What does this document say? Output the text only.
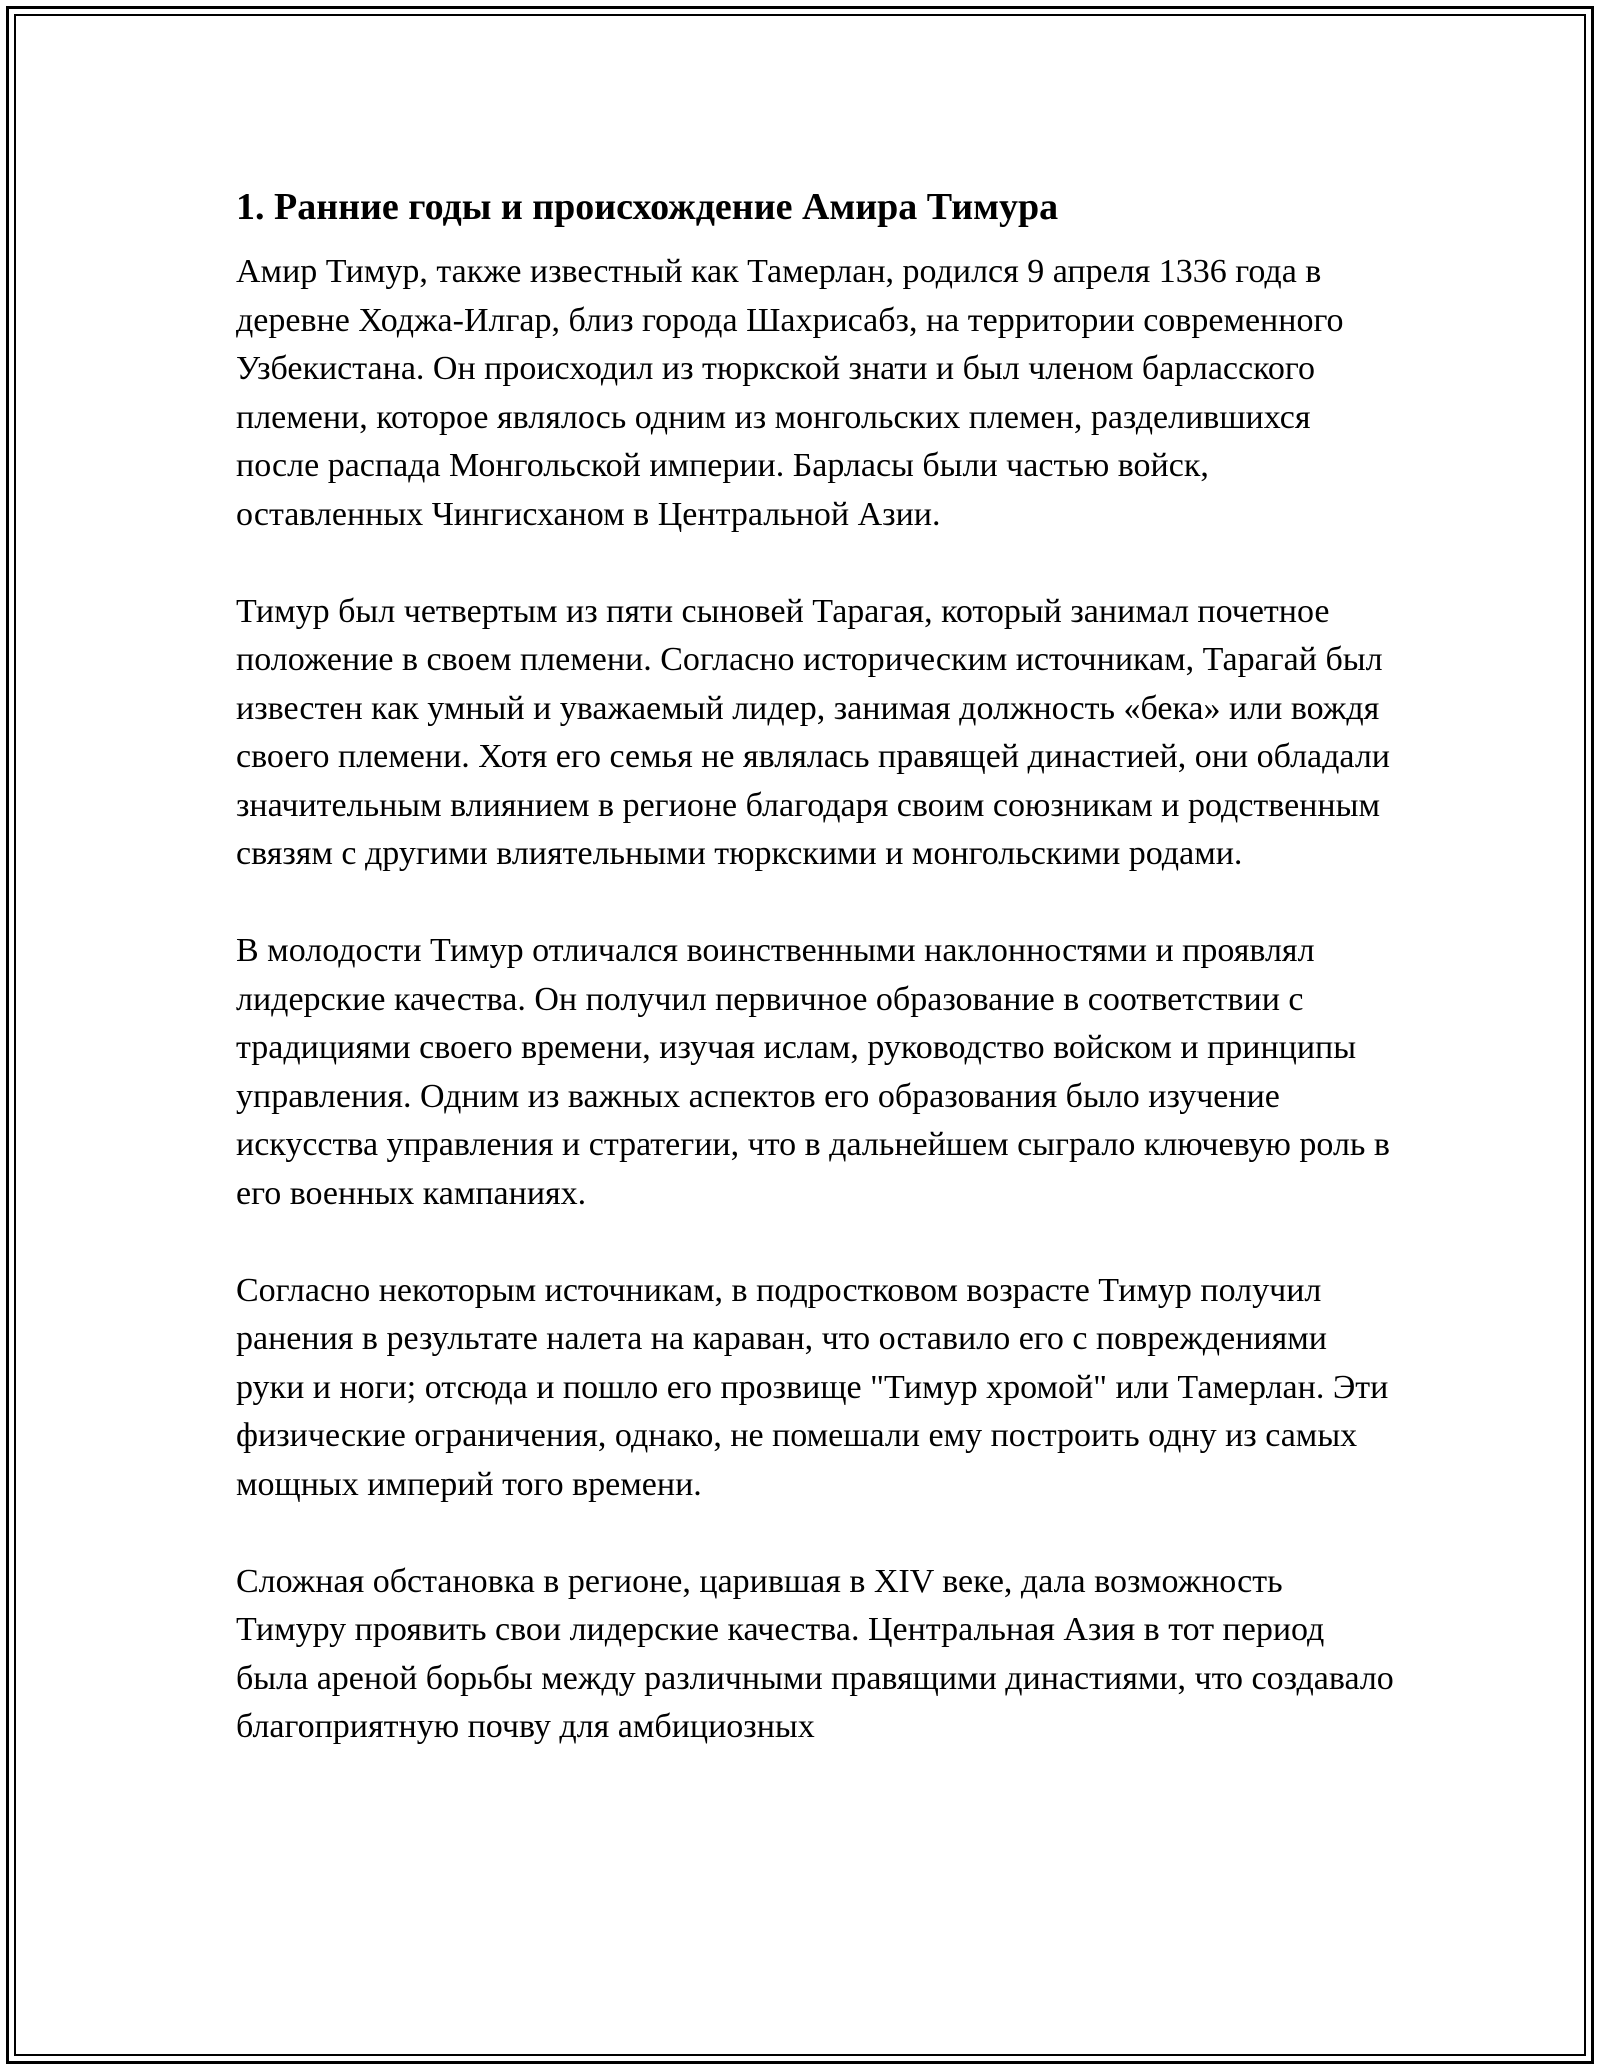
1. Ранние годы и происхождение Амира Тимура

Амир Тимур, также известный как Тамерлан, родился 9 апреля 1336 года в деревне Ходжа-Илгар, близ города Шахрисабз, на территории современного Узбекистана. Он происходил из тюркской знати и был членом барласского племени, которое являлось одним из монгольских племен, разделившихся после распада Монгольской империи. Барласы были частью войск, оставленных Чингисханом в Центральной Азии.

Тимур был четвертым из пяти сыновей Тарагая, который занимал почетное положение в своем племени. Согласно историческим источникам, Тарагай был известен как умный и уважаемый лидер, занимая должность «бека» или вождя своего племени. Хотя его семья не являлась правящей династией, они обладали значительным влиянием в регионе благодаря своим союзникам и родственным связям с другими влиятельными тюркскими и монгольскими родами.

В молодости Тимур отличался воинственными наклонностями и проявлял лидерские качества. Он получил первичное образование в соответствии с традициями своего времени, изучая ислам, руководство войском и принципы управления. Одним из важных аспектов его образования было изучение искусства управления и стратегии, что в дальнейшем сыграло ключевую роль в его военных кампаниях.

Согласно некоторым источникам, в подростковом возрасте Тимур получил ранения в результате налета на караван, что оставило его с повреждениями руки и ноги; отсюда и пошло его прозвище "Тимур хромой" или Тамерлан. Эти физические ограничения, однако, не помешали ему построить одну из самых мощных империй того времени.

Сложная обстановка в регионе, царившая в XIV веке, дала возможность Тимуру проявить свои лидерские качества. Центральная Азия в тот период была ареной борьбы между различными правящими династиями, что создавало благоприятную почву для амбициозных
